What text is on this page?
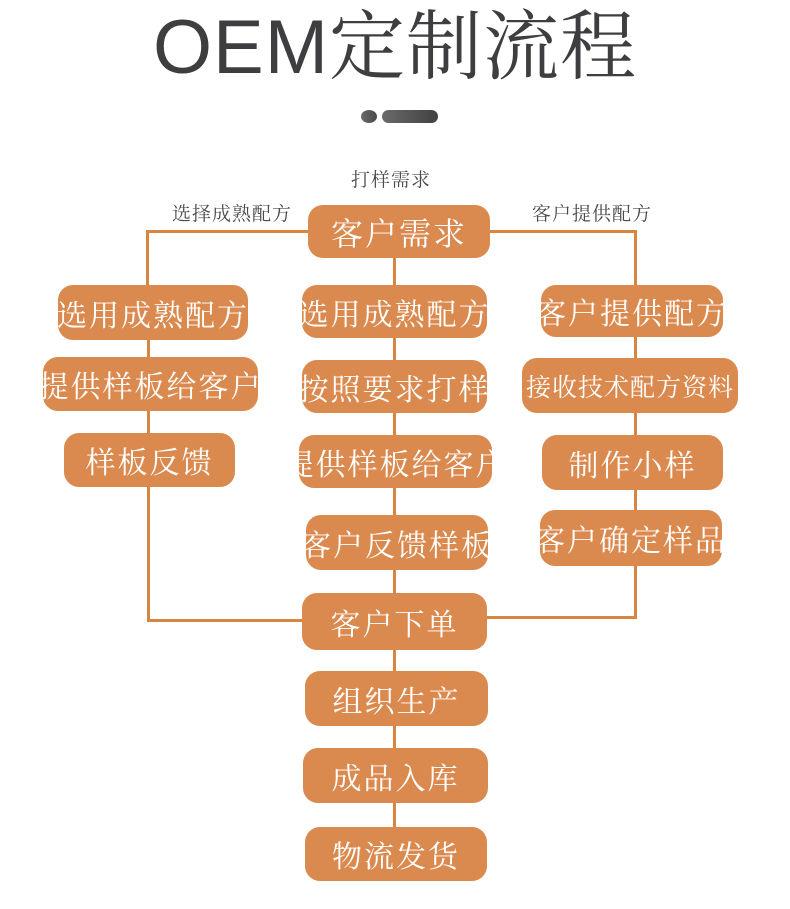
OEM定制流程
打样需求
选择成熟配方	客户提供配方
客户需求
选用成熟配方
提供样板给客户
样板反馈
选用成熟配方
按照要求打样
提供样板给客户
客户反馈样板
客户提供配方
接收技术配方资料
制作小样
客户确定样品
客户下单
组织生产
成品入库
物流发货
